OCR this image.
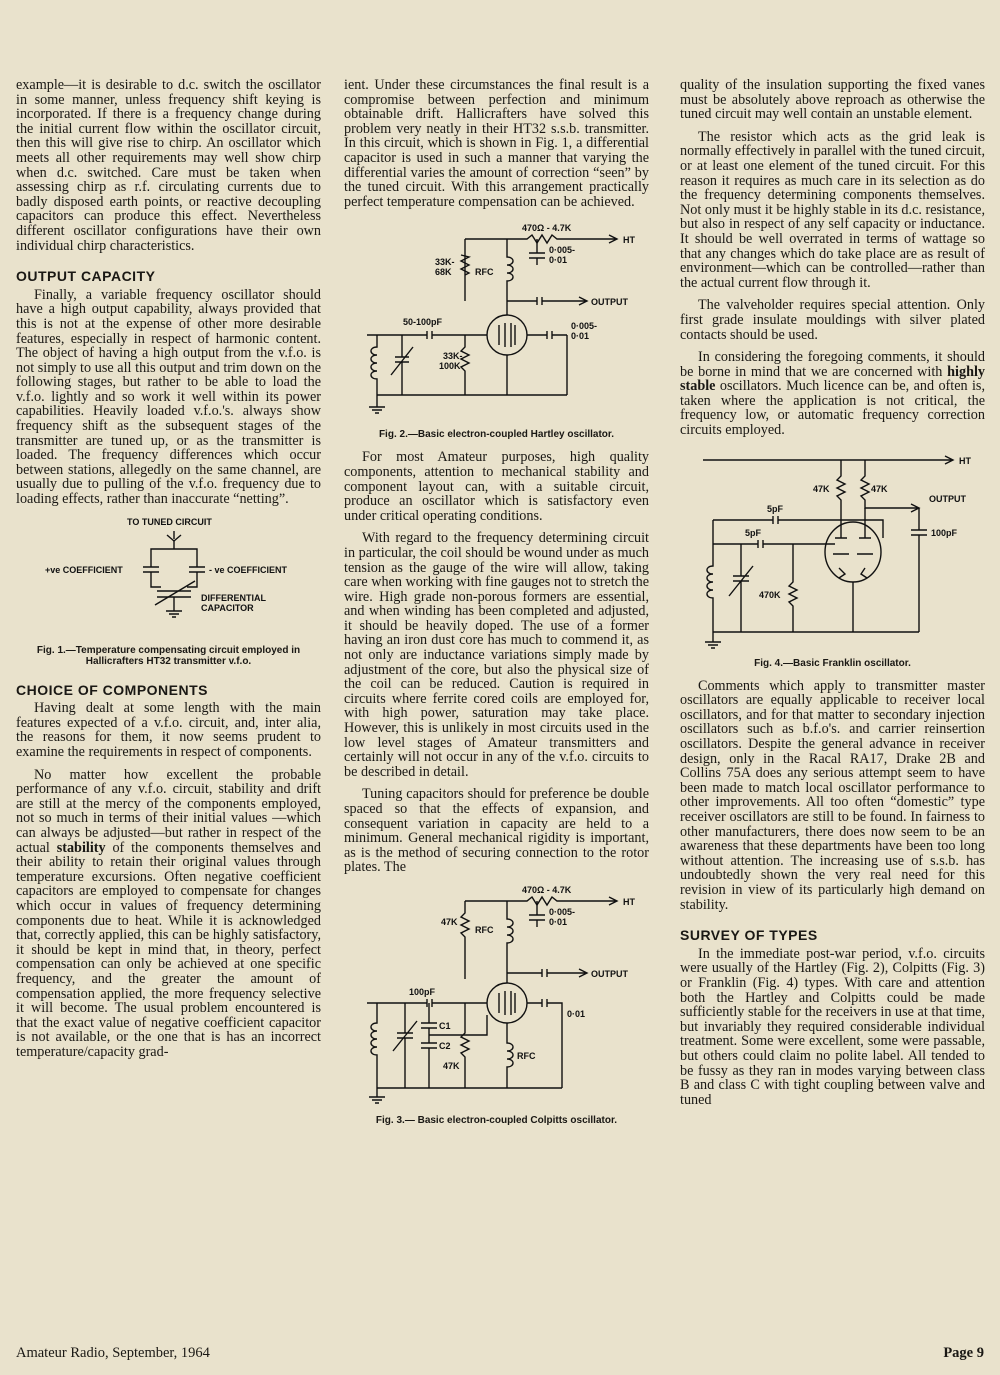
example—it is desirable to d.c. switch the oscillator in some manner, unless frequency shift keying is incorporated. If there is a frequency change during the initial current flow within the oscillator circuit, then this will give rise to chirp. An oscillator which meets all other requirements may well show chirp when d.c. switched. Care must be taken when assessing chirp as r.f. circulating currents due to badly disposed earth points, or reactive decoupling capacitors can produce this effect. Nevertheless different oscillator configurations have their own individual chirp characteristics.

OUTPUT CAPACITY

Finally, a variable frequency oscillator should have a high output capability, always provided that this is not at the expense of other more desirable features, especially in respect of harmonic content. The object of having a high output from the v.f.o. is not simply to use all this output and trim down on the following stages, but rather to be able to load the v.f.o. lightly and so work it well within its power capabilities. Heavily loaded v.f.o.'s. always show frequency shift as the subsequent stages of the transmitter are tuned up, or as the transmitter is loaded. The frequency differences which occur between stations, allegedly on the same channel, are usually due to pulling of the v.f.o. frequency due to loading effects, rather than inaccurate “netting”.

TO TUNED CIRCUIT
+ve COEFFICIENT	- ve COEFFICIENT
DIFFERENTIAL
CAPACITOR
Fig. 1.—Temperature compensating circuit employed in Hallicrafters HT32 transmitter v.f.o.
CHOICE OF COMPONENTS

Having dealt at some length with the main features expected of a v.f.o. circuit, and, inter alia, the reasons for them, it now seems prudent to examine the requirements in respect of components.

No matter how excellent the probable performance of any v.f.o. circuit, stability and drift are still at the mercy of the components employed, not so much in terms of their initial values —which can always be adjusted—but rather in respect of the actual stability of the components themselves and their ability to retain their original values through temperature excursions. Often negative coefficient capacitors are employed to compensate for changes which occur in values of frequency determining components due to heat. While it is acknowledged that, correctly applied, this can be highly satisfactory, it should be kept in mind that, in theory, perfect compensation can only be achieved at one specific frequency, and the greater the amount of compensation applied, the more frequency selective it will become. The usual problem encountered is that the exact value of negative coefficient capacitor is not available, or the one that is has an incorrect temperature/capacity grad-

ient. Under these circumstances the final result is a compromise between perfection and minimum obtainable drift. Hallicrafters have solved this problem very neatly in their HT32 s.s.b. transmitter. In this circuit, which is shown in Fig. 1, a differential capacitor is used in such a manner that varying the differential varies the amount of correction “seen” by the tuned circuit. With this arrangement practically perfect temperature compensation can be achieved.

470Ω - 4.7K
HT
33K-
68K	RFC
0·005-
0·01
OUTPUT
50-100pF	0·005-
0·01
33K-
100K
Fig. 2.—Basic electron-coupled Hartley oscillator.

For most Amateur purposes, high quality components, attention to mechanical stability and component layout can, with a suitable circuit, produce an oscillator which is satisfactory even under critical operating conditions.

With regard to the frequency determining circuit in particular, the coil should be wound under as much tension as the gauge of the wire will allow, taking care when working with fine gauges not to stretch the wire. High grade non-porous formers are essential, and when winding has been completed and adjusted, it should be heavily doped. The use of a former having an iron dust core has much to commend it, as not only are inductance variations simply made by adjustment of the core, but also the physical size of the coil can be reduced. Caution is required in circuits where ferrite cored coils are employed for, with high power, saturation may take place. However, this is unlikely in most circuits used in the low level stages of Amateur transmitters and certainly will not occur in any of the v.f.o. circuits to be described in detail.

Tuning capacitors should for preference be double spaced so that the effects of expansion, and consequent variation in capacity are held to a minimum. General mechanical rigidity is important, as is the method of securing connection to the rotor plates. The

470Ω - 4.7K
HT
47K
RFC
0·005-
0·01
OUTPUT
100pF
C1
C2
47K
RFC
0·01
Fig. 3.— Basic electron-coupled Colpitts oscillator.

quality of the insulation supporting the fixed vanes must be absolutely above reproach as otherwise the tuned circuit may well contain an unstable element.

The resistor which acts as the grid leak is normally effectively in parallel with the tuned circuit, or at least one element of the tuned circuit. For this reason it requires as much care in its selection as do the frequency determining components themselves. Not only must it be highly stable in its d.c. resistance, but also in respect of any self capacity or inductance. It should be well overrated in terms of wattage so that any changes which do take place are as result of environment—which can be controlled—rather than the actual current flow through it.

The valveholder requires special attention. Only first grade insulate mouldings with silver plated contacts should be used.

In considering the foregoing comments, it should be borne in mind that we are concerned with highly stable oscillators. Much licence can be, and often is, taken where the application is not critical, the frequency low, or automatic frequency correction circuits employed.

HT
47K	47K
OUTPUT
5pF
5pF	100pF
470K
Fig. 4.—Basic Franklin oscillator.

Comments which apply to transmitter master oscillators are equally applicable to receiver local oscillators, and for that matter to secondary injection oscillators such as b.f.o's. and carrier reinsertion oscillators. Despite the general advance in receiver design, only in the Racal RA17, Drake 2B and Collins 75A does any serious attempt seem to have been made to match local oscillator performance to other improvements. All too often “domestic” type receiver oscillators are still to be found. In fairness to other manufacturers, there does now seem to be an awareness that these departments have been too long without attention. The increasing use of s.s.b. has undoubtedly shown the very real need for this revision in view of its particularly high demand on stability.

SURVEY OF TYPES

In the immediate post-war period, v.f.o. circuits were usually of the Hartley (Fig. 2), Colpitts (Fig. 3) or Franklin (Fig. 4) types. With care and attention both the Hartley and Colpitts could be made sufficiently stable for the receivers in use at that time, but invariably they required considerable individual treatment. Some were excellent, some were passable, but others could claim no polite label. All tended to be fussy as they ran in modes varying between class B and class C with tight coupling between valve and tuned

Amateur Radio, September, 1964	Page 9
